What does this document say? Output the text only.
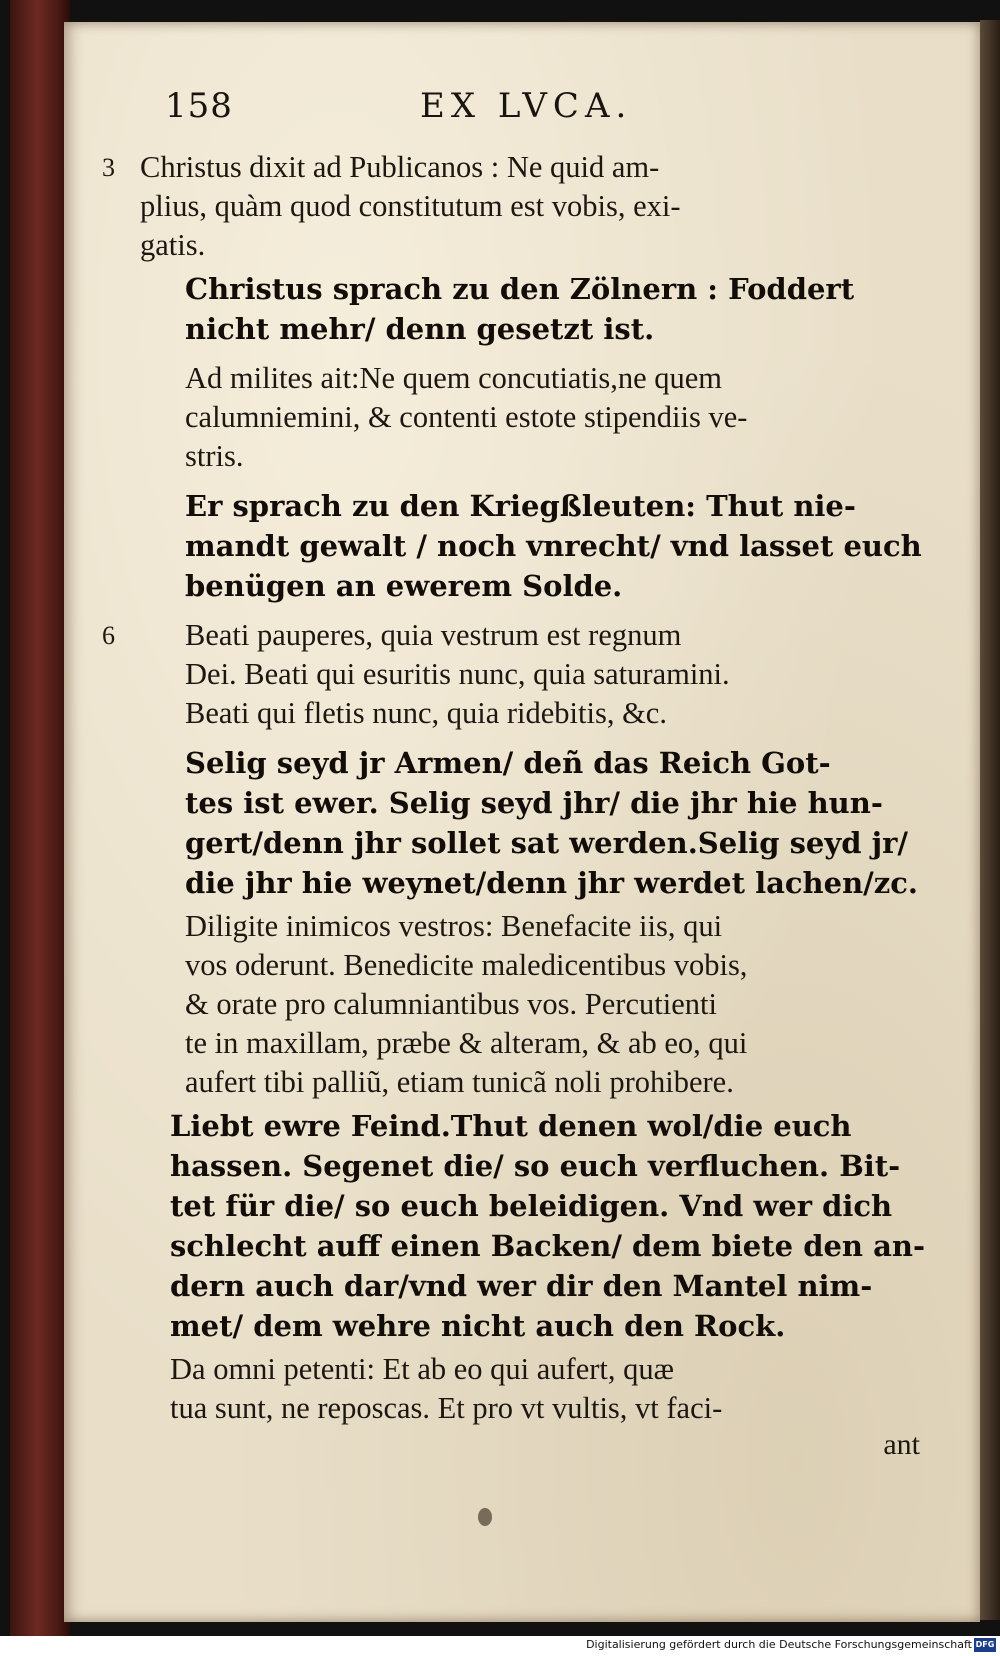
158	EX LVCA.
3 Christus dixit ad Publicanos : Ne quid am-
plius, quàm quod constitutum est vobis, exi-
gatis.
Christus sprach zu den Zölnern : Foddert
nicht mehr/ denn gesetzt ist.
Ad milites ait:Ne quem concutiatis,ne quem
calumniemini, & contenti estote stipendiis ve-
stris.
Er sprach zu den Kriegßleuten: Thut nie-
mandt gewalt / noch vnrecht/ vnd lasset euch
benügen an ewerem Solde.
6 Beati pauperes, quia vestrum est regnum
Dei. Beati qui esuritis nunc, quia saturamini.
Beati qui fletis nunc, quia ridebitis, &c.
Selig seyd jr Armen/ deñ das Reich Got-
tes ist ewer. Selig seyd jhr/ die jhr hie hun-
gert/denn jhr sollet sat werden.Selig seyd jr/
die jhr hie weynet/denn jhr werdet lachen/zc.
Diligite inimicos vestros: Benefacite iis, qui
vos oderunt. Benedicite maledicentibus vobis,
& orate pro calumniantibus vos. Percutienti
te in maxillam, præbe & alteram, & ab eo, qui
aufert tibi palliũ, etiam tunicã noli prohibere.
Liebt ewre Feind.Thut denen wol/die euch
hassen. Segenet die/ so euch verfluchen. Bit-
tet für die/ so euch beleidigen. Vnd wer dich
schlecht auff einen Backen/ dem biete den an-
dern auch dar/vnd wer dir den Mantel nim-
met/ dem wehre nicht auch den Rock.
Da omni petenti: Et ab eo qui aufert, quæ
tua sunt, ne reposcas. Et pro vt vultis, vt faci-
ant
Digitalisierung gefördert durch die Deutsche Forschungsgemeinschaft DFG
